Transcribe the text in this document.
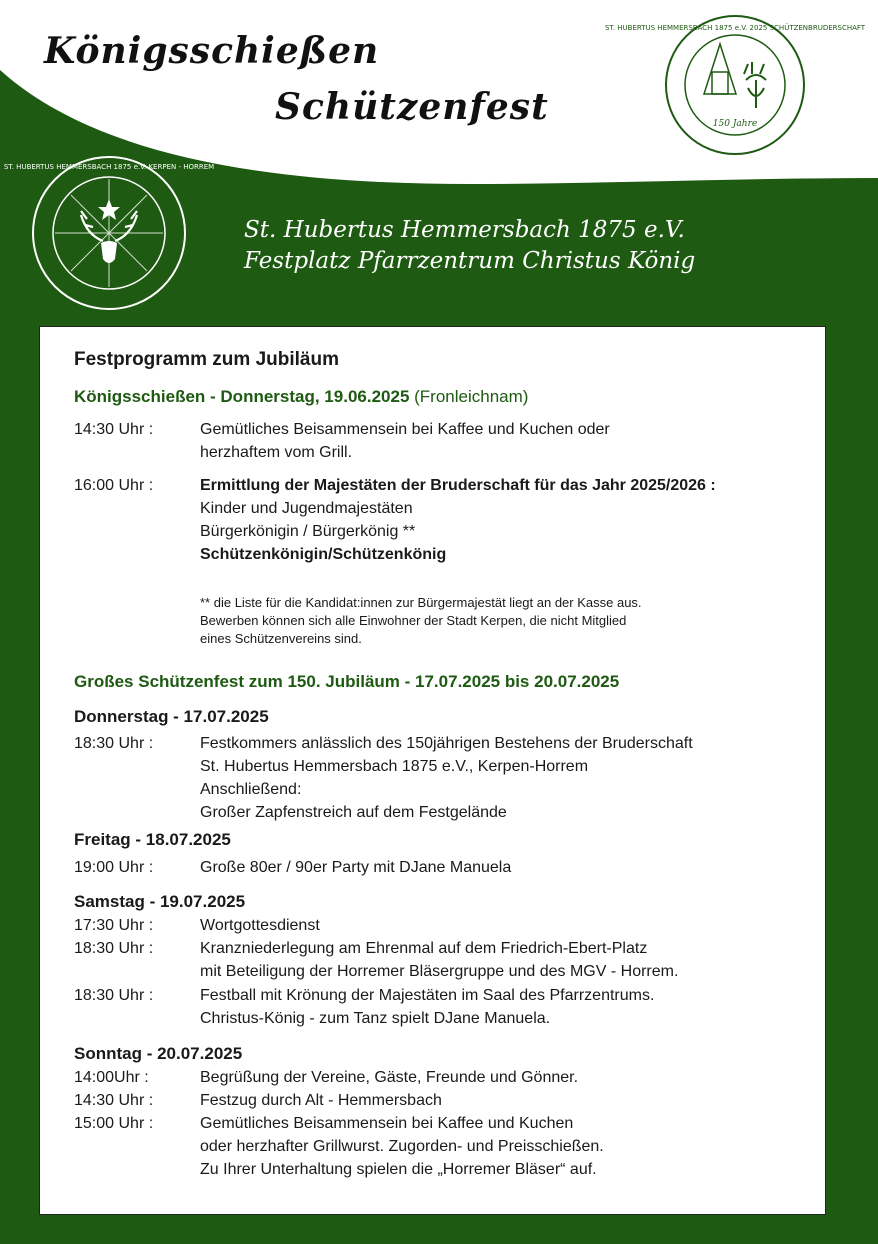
Königsschießen
Schützenfest	150 Jahre
ST. HUBERTUS HEMMERSBACH 1875 e.V. 2025 SCHÜTZENBRUDERSCHAFT
ST. HUBERTUS HEMMERSBACH 1875 e.V. KERPEN - HORREM
St. Hubertus Hemmersbach 1875 e.V.
Festplatz Pfarrzentrum Christus König
Festprogramm zum Jubiläum
Königsschießen - Donnerstag, 19.06.2025 (Fronleichnam)
14:30 Uhr :	Gemütliches Beisammensein bei Kaffee und Kuchen oder
herzhaftem vom Grill.
16:00 Uhr :	Ermittlung der Majestäten der Bruderschaft für das Jahr 2025/2026 :
Kinder und Jugendmajestäten
Bürgerkönigin / Bürgerkönig **
Schützenkönigin/Schützenkönig
** die Liste für die Kandidat:innen zur Bürgermajestät liegt an der Kasse aus.
Bewerben können sich alle Einwohner der Stadt Kerpen, die nicht Mitglied
eines Schützenvereins sind.
Großes Schützenfest zum 150. Jubiläum - 17.07.2025 bis 20.07.2025
Donnerstag - 17.07.2025
18:30 Uhr :	Festkommers anlässlich des 150jährigen Bestehens der Bruderschaft
St. Hubertus Hemmersbach 1875 e.V., Kerpen-Horrem
Anschließend:
Großer Zapfenstreich auf dem Festgelände
Freitag - 18.07.2025
19:00 Uhr :	Große 80er / 90er Party mit DJane Manuela
Samstag - 19.07.2025
17:30 Uhr :	Wortgottesdienst
18:30 Uhr :	Kranzniederlegung am Ehrenmal auf dem Friedrich-Ebert-Platz
mit Beteiligung der Horremer Bläsergruppe und des MGV - Horrem.
18:30 Uhr :	Festball mit Krönung der Majestäten im Saal des Pfarrzentrums.
Christus-König - zum Tanz spielt DJane Manuela.
Sonntag - 20.07.2025
14:00Uhr :	Begrüßung der Vereine, Gäste, Freunde und Gönner.
14:30 Uhr :	Festzug durch Alt - Hemmersbach
15:00 Uhr :	Gemütliches Beisammensein bei Kaffee und Kuchen
oder herzhafter Grillwurst. Zugorden- und Preisschießen.
Zu Ihrer Unterhaltung spielen die „Horremer Bläser“ auf.
